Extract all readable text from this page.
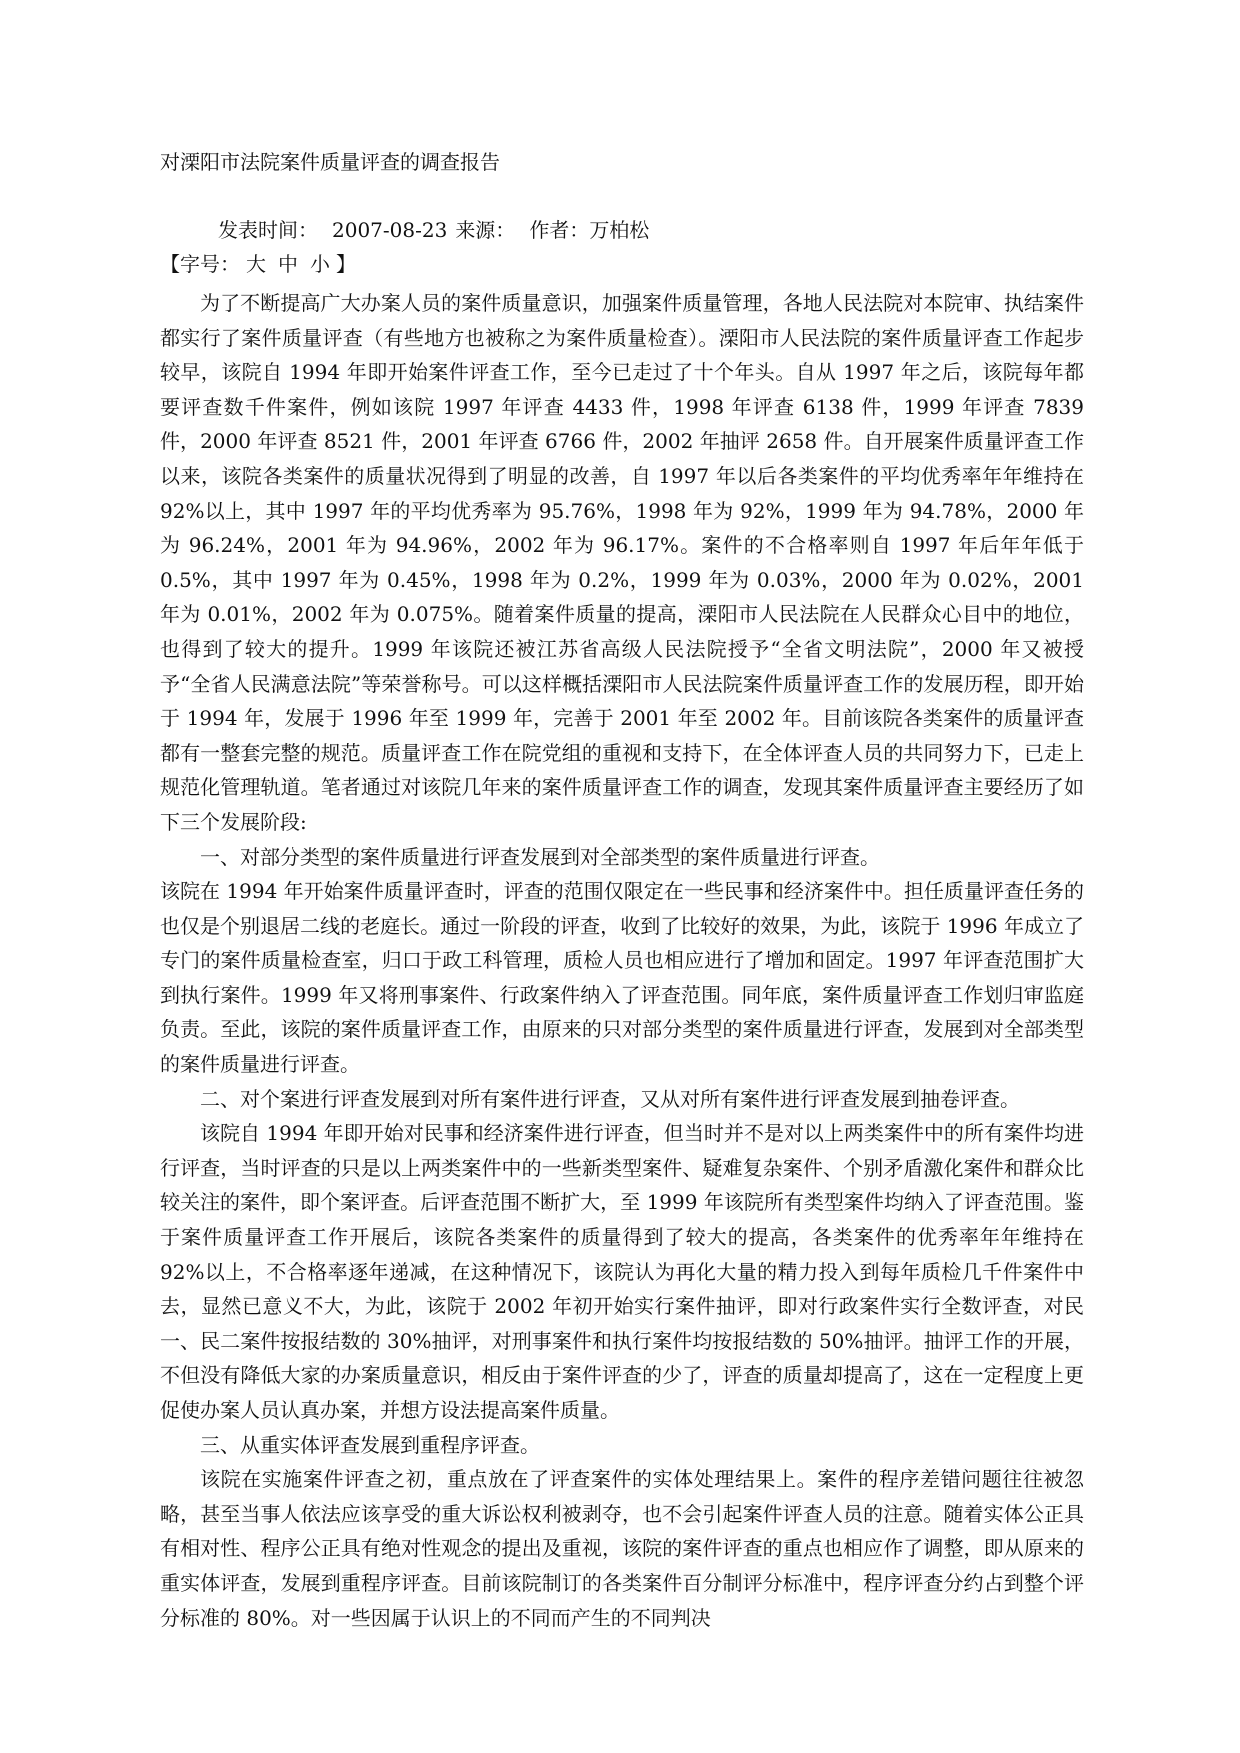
对溧阳市法院案件质量评查的调查报告
发表时间： 2007-08-23 来源： 作者：万柏松
【字号： 大 中 小 】

为了不断提高广大办案人员的案件质量意识，加强案件质量管理，各地人民法院对本院审、执结案件都实行了案件质量评查（有些地方也被称之为案件质量检查）。溧阳市人民法院的案件质量评查工作起步较早，该院自 1994 年即开始案件评查工作，至今已走过了十个年头。自从 1997 年之后，该院每年都要评查数千件案件，例如该院 1997 年评查 4433 件，1998 年评查 6138 件，1999 年评查 7839 件，2000 年评查 8521 件，2001 年评查 6766 件，2002 年抽评 2658 件。自开展案件质量评查工作以来，该院各类案件的质量状况得到了明显的改善，自 1997 年以后各类案件的平均优秀率年年维持在 92%以上，其中 1997 年的平均优秀率为 95.76%，1998 年为 92%，1999 年为 94.78%，2000 年为 96.24%，2001 年为 94.96%，2002 年为 96.17%。案件的不合格率则自 1997 年后年年低于 0.5%，其中 1997 年为 0.45%，1998 年为 0.2%，1999 年为 0.03%，2000 年为 0.02%，2001 年为 0.01%，2002 年为 0.075%。随着案件质量的提高，溧阳市人民法院在人民群众心目中的地位，也得到了较大的提升。1999 年该院还被江苏省高级人民法院授予“全省文明法院”，2000 年又被授予“全省人民满意法院”等荣誉称号。可以这样概括溧阳市人民法院案件质量评查工作的发展历程，即开始于 1994 年，发展于 1996 年至 1999 年，完善于 2001 年至 2002 年。目前该院各类案件的质量评查都有一整套完整的规范。质量评查工作在院党组的重视和支持下，在全体评查人员的共同努力下，已走上规范化管理轨道。笔者通过对该院几年来的案件质量评查工作的调查，发现其案件质量评查主要经历了如下三个发展阶段:

一、对部分类型的案件质量进行评查发展到对全部类型的案件质量进行评查。

该院在 1994 年开始案件质量评查时，评查的范围仅限定在一些民事和经济案件中。担任质量评查任务的也仅是个别退居二线的老庭长。通过一阶段的评查，收到了比较好的效果，为此，该院于 1996 年成立了专门的案件质量检查室，归口于政工科管理，质检人员也相应进行了增加和固定。1997 年评查范围扩大到执行案件。1999 年又将刑事案件、行政案件纳入了评查范围。同年底，案件质量评查工作划归审监庭负责。至此，该院的案件质量评查工作，由原来的只对部分类型的案件质量进行评查，发展到对全部类型的案件质量进行评查。

二、对个案进行评查发展到对所有案件进行评查，又从对所有案件进行评查发展到抽卷评查。

该院自 1994 年即开始对民事和经济案件进行评查，但当时并不是对以上两类案件中的所有案件均进行评查，当时评查的只是以上两类案件中的一些新类型案件、疑难复杂案件、个别矛盾激化案件和群众比较关注的案件，即个案评查。后评查范围不断扩大，至 1999 年该院所有类型案件均纳入了评查范围。鉴于案件质量评查工作开展后，该院各类案件的质量得到了较大的提高，各类案件的优秀率年年维持在 92%以上，不合格率逐年递减，在这种情况下，该院认为再化大量的精力投入到每年质检几千件案件中去，显然已意义不大，为此，该院于 2002 年初开始实行案件抽评，即对行政案件实行全数评查，对民一、民二案件按报结数的 30%抽评，对刑事案件和执行案件均按报结数的 50%抽评。抽评工作的开展，不但没有降低大家的办案质量意识，相反由于案件评查的少了，评查的质量却提高了，这在一定程度上更促使办案人员认真办案，并想方设法提高案件质量。

三、从重实体评查发展到重程序评查。

该院在实施案件评查之初，重点放在了评查案件的实体处理结果上。案件的程序差错问题往往被忽略，甚至当事人依法应该享受的重大诉讼权利被剥夺，也不会引起案件评查人员的注意。随着实体公正具有相对性、程序公正具有绝对性观念的提出及重视，该院的案件评查的重点也相应作了调整，即从原来的重实体评查，发展到重程序评查。目前该院制订的各类案件百分制评分标准中，程序评查分约占到整个评分标准的 80%。对一些因属于认识上的不同而产生的不同判决
